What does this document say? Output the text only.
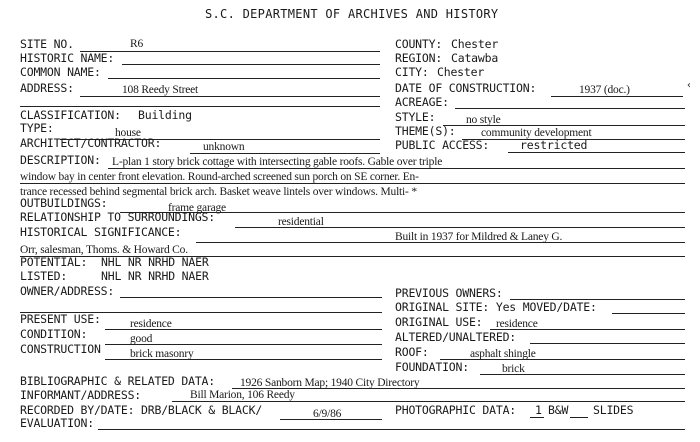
S.C. DEPARTMENT OF ARCHIVES AND HISTORY
SITE NO.	R6
HISTORIC NAME:
COMMON NAME:
ADDRESS:	108 Reedy Street
CLASSIFICATION: Building
TYPE:	house
ARCHITECT/CONTRACTOR:	unknown
COUNTY: Chester
REGION: Catawba
CITY: Chester
DATE OF CONSTRUCTION:	1937 (doc.)	‹
ACREAGE:
STYLE:	no style
THEME(S): community development
PUBLIC ACCESS:	restricted
DESCRIPTION: L-plan 1 story brick cottage with intersecting gable roofs. Gable over triple
window bay in center front elevation. Round-arched screened sun porch on SE corner. En-
trance recessed behind segmental brick arch. Basket weave lintels over windows. Multi- *
OUTBUILDINGS:	frame garage
RELATIONSHIP TO SURROUNDINGS:	residential
HISTORICAL SIGNIFICANCE:	Built in 1937 for Mildred & Laney G.
Orr, salesman, Thoms. & Howard Co.
POTENTIAL: NHL NR NRHD NAER
LISTED:	NHL NR NRHD NAER
OWNER/ADDRESS:	PREVIOUS OWNERS:
ORIGINAL SITE: Yes MOVED/DATE:
PRESENT USE:	residence	ORIGINAL USE: residence
CONDITION:	good	ALTERED/UNALTERED:
CONSTRUCTION	brick masonry	ROOF:	asphalt shingle
FOUNDATION:	brick
BIBLIOGRAPHIC & RELATED DATA: 1926 Sanborn Map; 1940 City Directory
INFORMANT/ADDRESS:	Bill Marion, 106 Reedy
RECORDED BY/DATE: DRB/BLACK & BLACK/	6/9/86	PHOTOGRAPHIC DATA: 1 B&W SLIDES
EVALUATION:
